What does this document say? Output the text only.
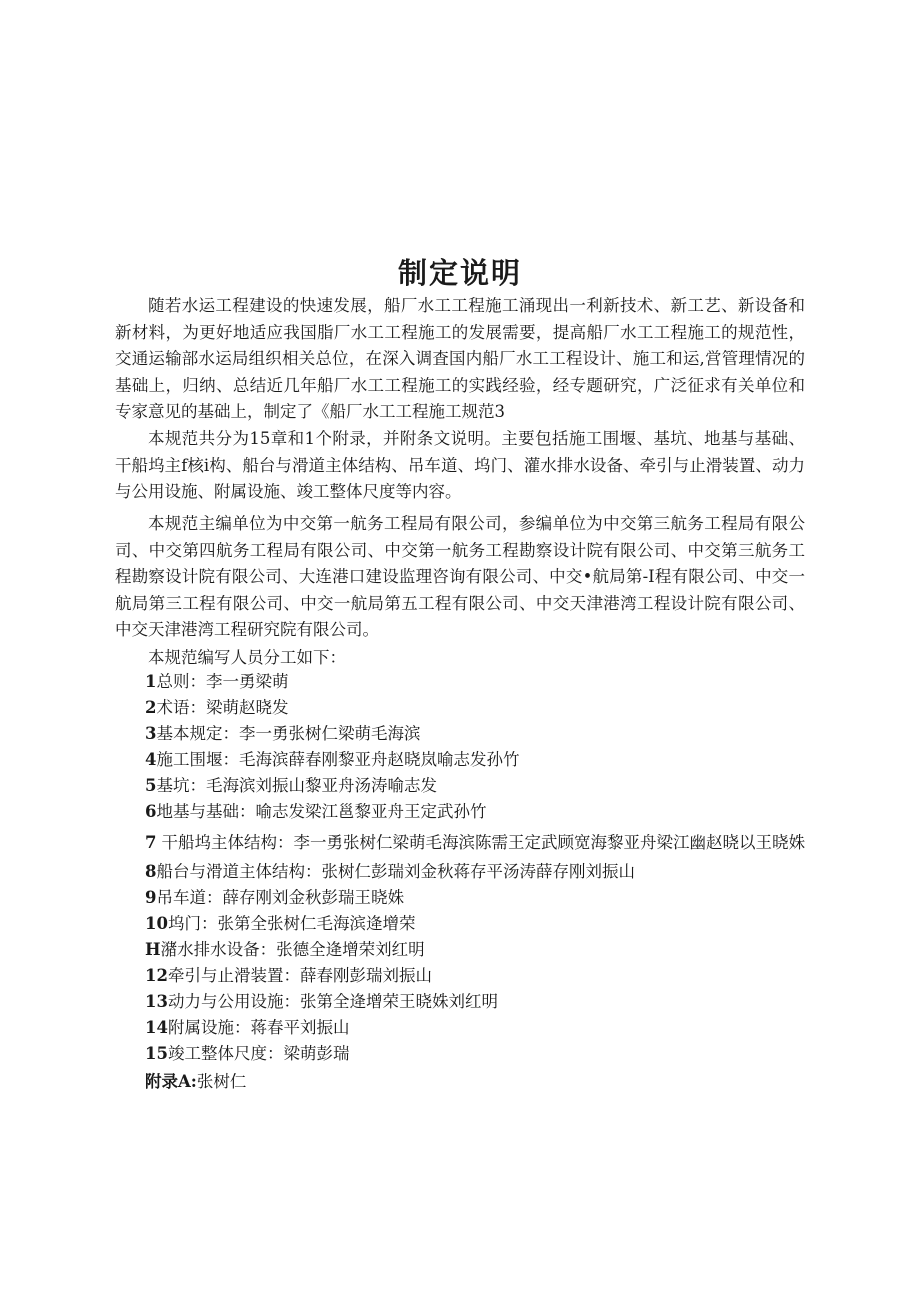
制定说明

随若水运工程建设的快速发展，船厂水工工程施工涌现出一利新技术、新工艺、新设备和新材料，为更好地适应我国脂厂水工工程施工的发展需要，提高船厂水工工程施工的规范性，交通运输部水运局组织相关总位，在深入调査国内船厂水工工程设计、施工和运,営管理情况的基础上，归纳、总结近几年船厂水工工程施工的实践经验，经专题研究，广泛征求有关单位和专家意见的基础上，制定了《船厂水工工程施工规范3

本规范共分为15章和1个附录，并附条文说明。主要包括施工围堰、基坑、地基与基础、干船坞主f核i构、船台与滑道主体结构、吊车道、坞门、灌水排水设备、牵引与止滑装置、动力与公用设施、附属设施、竣工整体尺度等内容。

本规范主编单位为中交第一航务工程局有限公司，参编单位为中交第三航务工程局有限公司、中交第四航务工程局有限公司、中交第一航务工程勘察设计院有限公司、中交第三航务工程勘察设计院有限公司、大连港口建设监理咨询有限公司、中交•航局第-I程有限公司、中交一航局第三工程有限公司、中交一航局第五工程有限公司、中交天津港湾工程设计院有限公司、中交天津港湾工程研究院有限公司。

本规范编写人员分工如下：

1 总则：李一勇梁萌
2 术语：梁萌赵晓发
3 基本规定：李一勇张树仁梁萌毛海滨
4 施工围堰：毛海滨薛春刚黎亚舟赵晓岚喻志发孙竹
5 基坑：毛海滨刘振山黎亚舟汤涛喻志发
6 地基与基础：喻志发梁江邕黎亚舟王定武孙竹
7 干船坞主体结构：李一勇张树仁梁萌毛海滨陈需王定武顾宽海黎亚舟梁江幽赵晓以王晓姝
8 船台与滑道主体结构：张树仁彭瑞刘金秋蒋存平汤涛薛存刚刘振山
9 吊车道：薛存刚刘金秋彭瑞王晓姝
10 坞门：张第全张树仁毛海滨逄增荣
H 潴水排水设备：张德全逄增荣刘红明
12 牵引与止滑装置：薛春刚彭瑞刘振山
13 动力与公用设施：张第全逄增荣王晓姝刘红明
14 附属设施：蒋春平刘振山
15 竣工整体尺度：梁萌彭瑞
附录A: 张树仁
